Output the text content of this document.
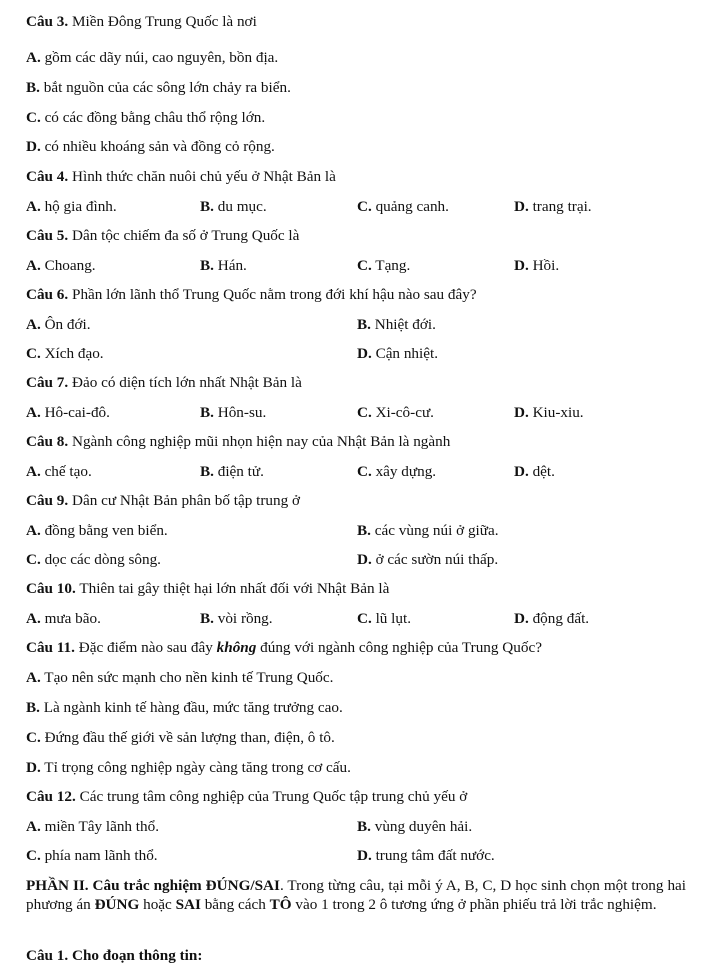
Câu 3. Miền Đông Trung Quốc là nơi
A. gồm các dãy núi, cao nguyên, bồn địa.
B. bắt nguồn của các sông lớn chảy ra biển.
C. có các đồng bằng châu thổ rộng lớn.
D. có nhiều khoáng sản và đồng cỏ rộng.
Câu 4. Hình thức chăn nuôi chủ yếu ở Nhật Bản là
A. hộ gia đình.	B. du mục.	C. quảng canh.	D. trang trại.
Câu 5. Dân tộc chiếm đa số ở Trung Quốc là
A. Choang.	B. Hán.	C. Tạng.	D. Hồi.
Câu 6. Phần lớn lãnh thổ Trung Quốc nằm trong đới khí hậu nào sau đây?
A. Ôn đới.	B. Nhiệt đới.
C. Xích đạo.	D. Cận nhiệt.
Câu 7. Đảo có diện tích lớn nhất Nhật Bản là
A. Hô-cai-đô.	B. Hôn-su.	C. Xi-cô-cư.	D. Kiu-xiu.
Câu 8. Ngành công nghiệp mũi nhọn hiện nay của Nhật Bản là ngành
A. chế tạo.	B. điện tử.	C. xây dựng.	D. dệt.
Câu 9. Dân cư Nhật Bản phân bố tập trung ở
A. đồng bằng ven biển.	B. các vùng núi ở giữa.
C. dọc các dòng sông.	D. ở các sườn núi thấp.
Câu 10. Thiên tai gây thiệt hại lớn nhất đối với Nhật Bản là
A. mưa bão.	B. vòi rồng.	C. lũ lụt.	D. động đất.
Câu 11. Đặc điểm nào sau đây không đúng với ngành công nghiệp của Trung Quốc?
A. Tạo nên sức mạnh cho nền kinh tế Trung Quốc.
B. Là ngành kinh tế hàng đầu, mức tăng trưởng cao.
C. Đứng đầu thế giới về sản lượng than, điện, ô tô.
D. Tỉ trọng công nghiệp ngày càng tăng trong cơ cấu.
Câu 12. Các trung tâm công nghiệp của Trung Quốc tập trung chủ yếu ở
A. miền Tây lãnh thổ.	B. vùng duyên hải.
C. phía nam lãnh thổ.	D. trung tâm đất nước.
PHẦN II. Câu trắc nghiệm ĐÚNG/SAI. Trong từng câu, tại mỗi ý A, B, C, D học sinh chọn một trong hai phương án ĐÚNG hoặc SAI bằng cách TÔ vào 1 trong 2 ô tương ứng ở phần phiếu trả lời trắc nghiệm.
Câu 1. Cho đoạn thông tin:
